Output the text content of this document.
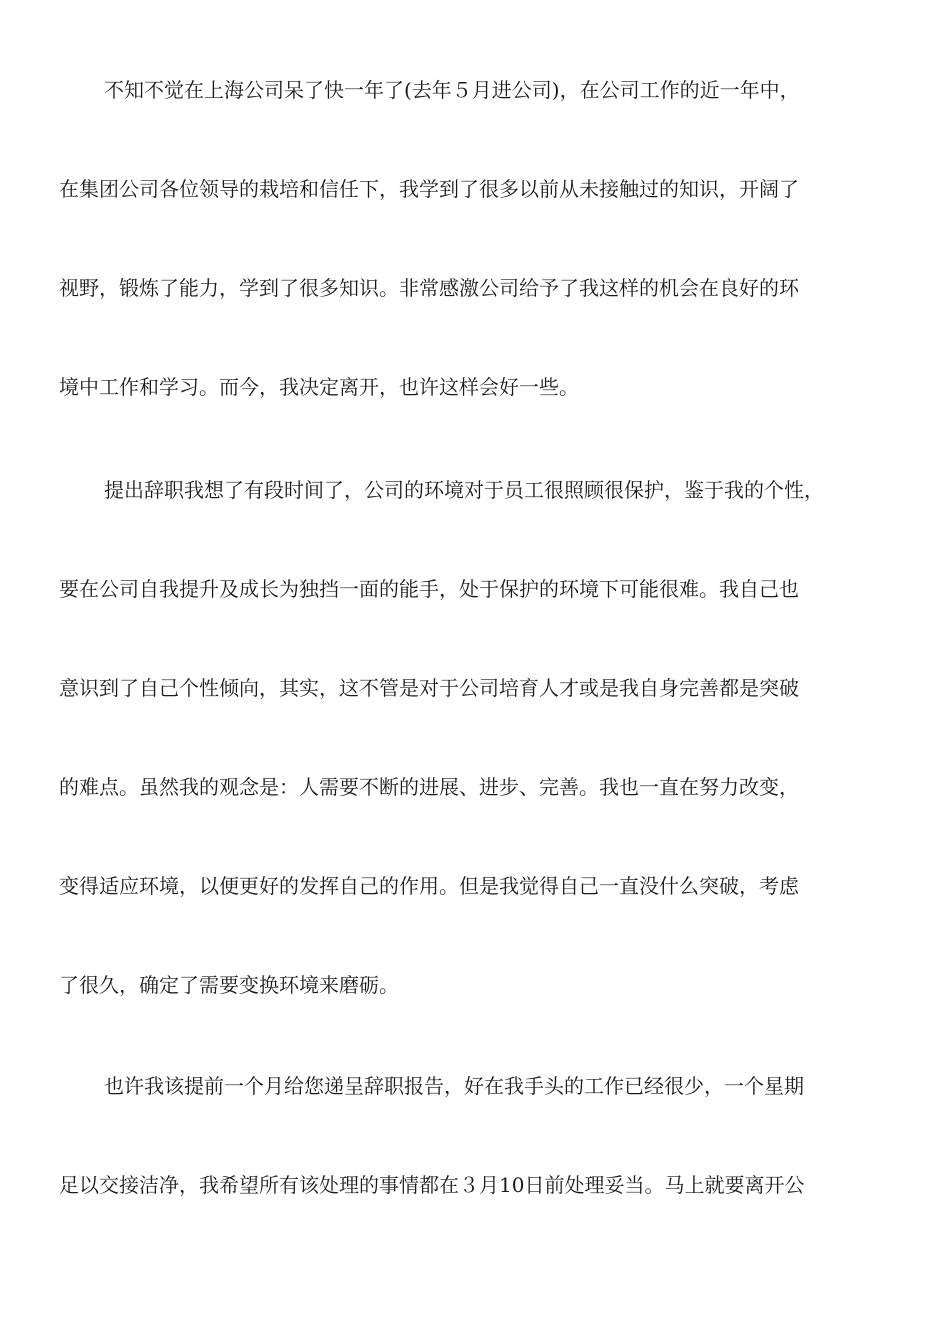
不知不觉在上海公司呆了快一年了(去年５月进公司)，在公司工作的近一年中，
在集团公司各位领导的栽培和信任下，我学到了很多以前从未接触过的知识，开阔了
视野，锻炼了能力，学到了很多知识。非常感激公司给予了我这样的机会在良好的环
境中工作和学习。而今，我决定离开，也许这样会好一些。
提出辞职我想了有段时间了，公司的环境对于员工很照顾很保护，鉴于我的个性，
要在公司自我提升及成长为独挡一面的能手，处于保护的环境下可能很难。我自己也
意识到了自己个性倾向，其实，这不管是对于公司培育人才或是我自身完善都是突破
的难点。虽然我的观念是：人需要不断的进展、进步、完善。我也一直在努力改变，
变得适应环境，以便更好的发挥自己的作用。但是我觉得自己一直没什么突破，考虑
了很久，确定了需要变换环境来磨砺。
也许我该提前一个月给您递呈辞职报告，好在我手头的工作已经很少，一个星期
足以交接洁净，我希望所有该处理的事情都在３月10日前处理妥当。马上就要离开公
